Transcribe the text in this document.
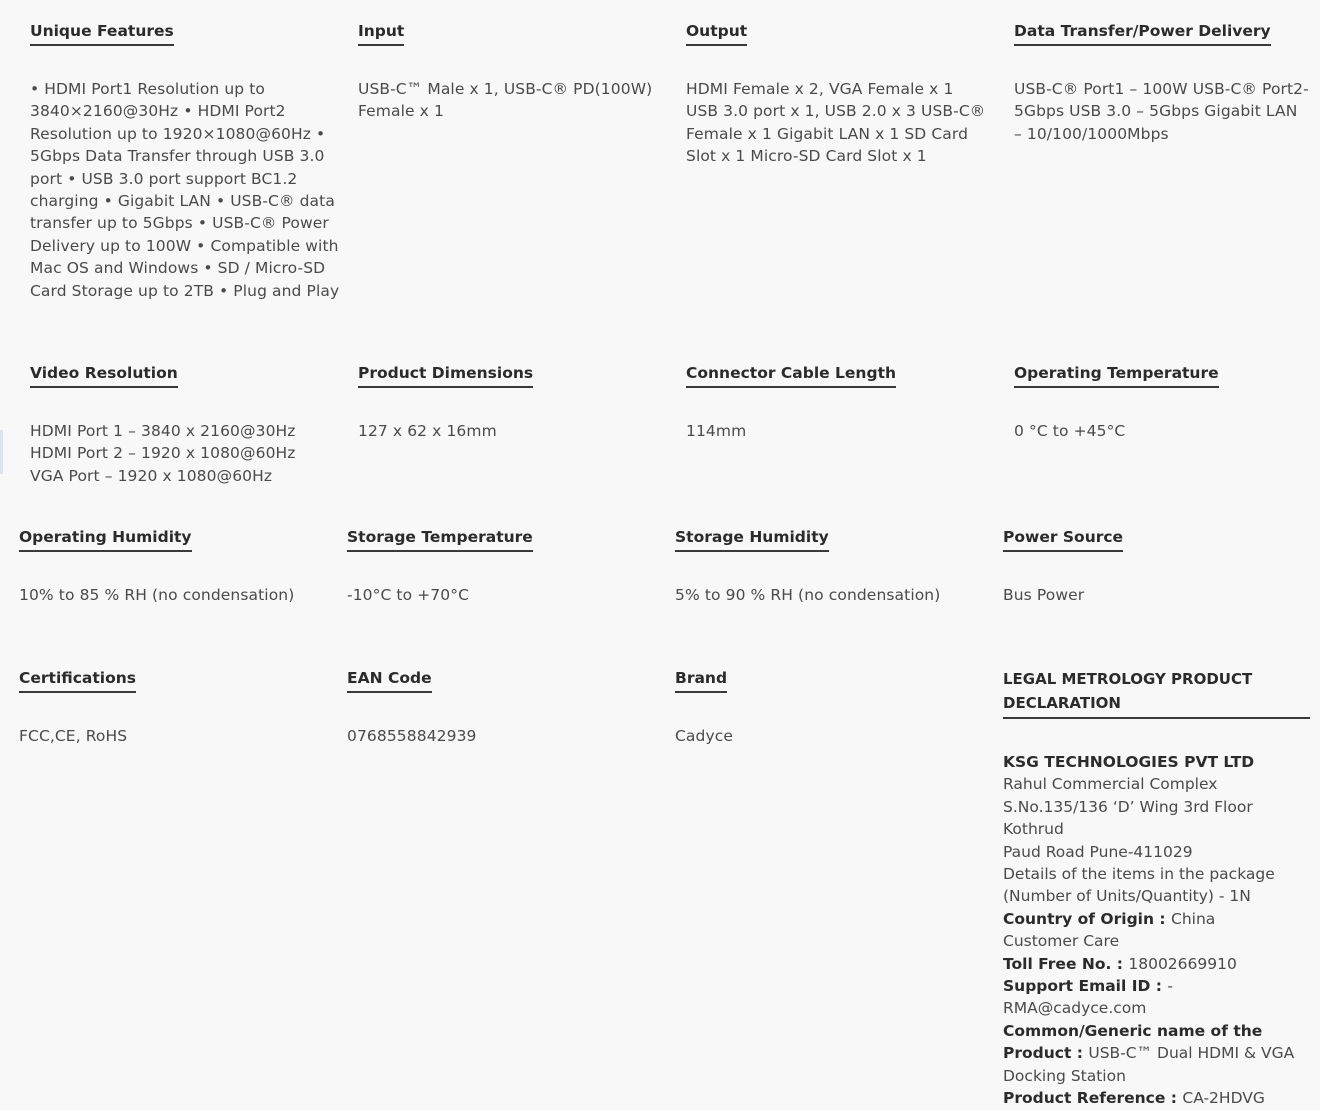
Unique Features
• HDMI Port1 Resolution up to 3840×2160@30Hz • HDMI Port2 Resolution up to 1920×1080@60Hz • 5Gbps Data Transfer through USB 3.0 port • USB 3.0 port support BC1.2 charging • Gigabit LAN • USB-C® data transfer up to 5Gbps • USB-C® Power Delivery up to 100W • Compatible with Mac OS and Windows • SD / Micro-SD Card Storage up to 2TB • Plug and Play
Input
USB-C™ Male x 1, USB-C® PD(100W) Female x 1
Output
HDMI Female x 2, VGA Female x 1 USB 3.0 port x 1, USB 2.0 x 3 USB-C® Female x 1 Gigabit LAN x 1 SD Card Slot x 1 Micro-SD Card Slot x 1
Data Transfer/Power Delivery
USB-C® Port1 – 100W USB-C® Port2-5Gbps USB 3.0 – 5Gbps Gigabit LAN – 10/100/1000Mbps
Video Resolution
HDMI Port 1 – 3840 x 2160@30Hz HDMI Port 2 – 1920 x 1080@60Hz VGA Port – 1920 x 1080@60Hz
Product Dimensions
127 x 62 x 16mm
Connector Cable Length
114mm
Operating Temperature
0 °C to +45°C
Operating Humidity
10% to 85 % RH (no condensation)
Storage Temperature
-10°C to +70°C
Storage Humidity
5% to 90 % RH (no condensation)
Power Source
Bus Power
Certifications
FCC,CE, RoHS
EAN Code
0768558842939
Brand
Cadyce
LEGAL METROLOGY PRODUCT DECLARATION
KSG TECHNOLOGIES PVT LTD
Rahul Commercial Complex
S.No.135/136 ‘D’ Wing 3rd Floor Kothrud
Paud Road Pune-411029
Details of the items in the package
(Number of Units/Quantity) - 1N
Country of Origin : China
Customer Care
Toll Free No. : 18002669910
Support Email ID : - RMA@cadyce.com
Common/Generic name of the Product : USB-C™ Dual HDMI & VGA Docking Station
Product Reference : CA-2HDVG
